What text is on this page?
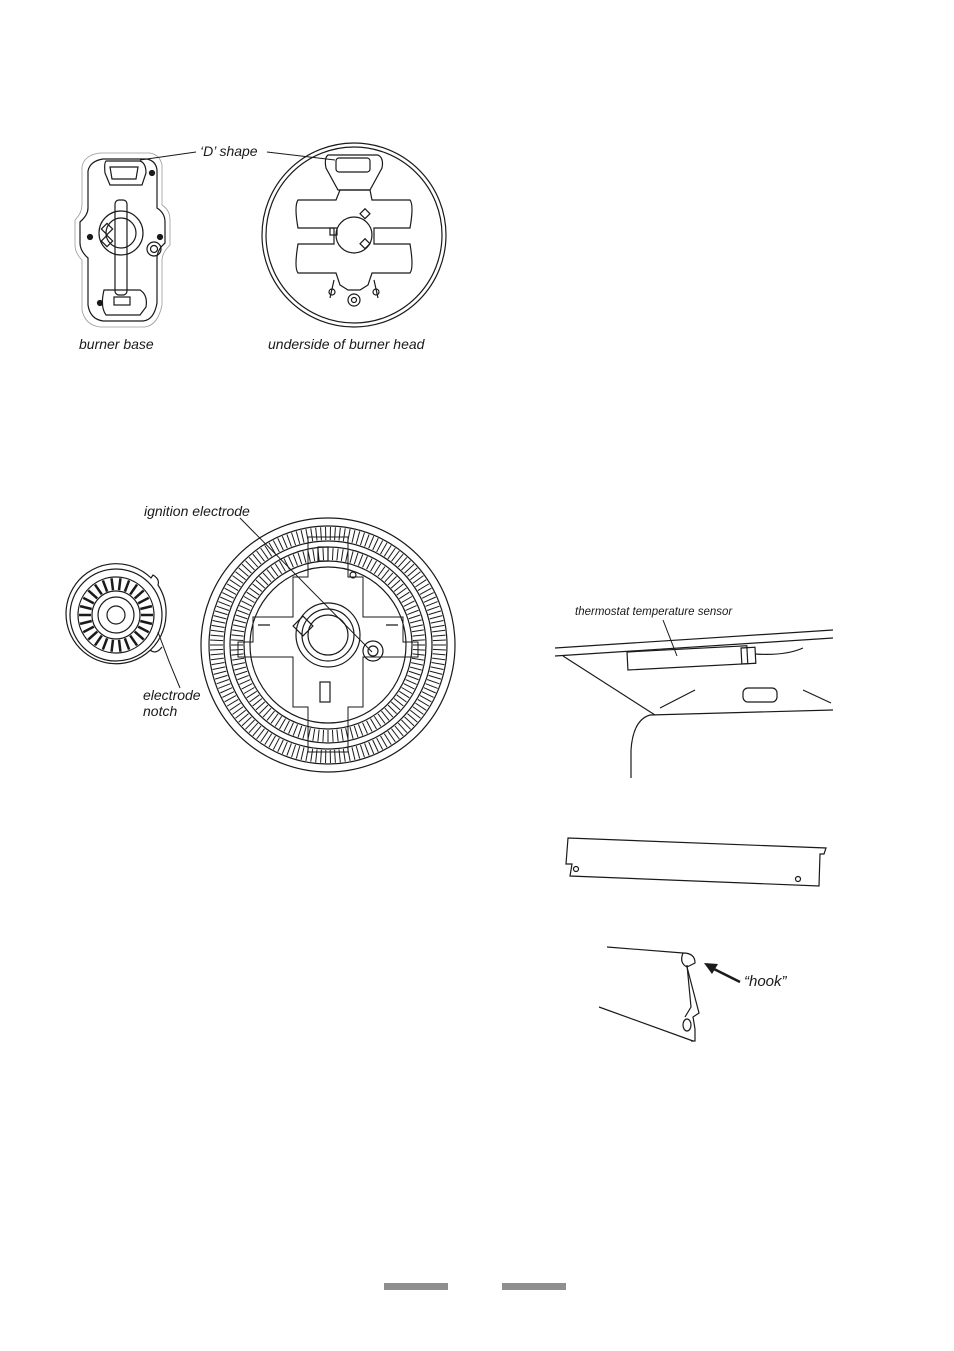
burner base	underside of burner head
‘D’ shape
electrode
notch
ignition electrode
thermostat temperature sensor
“hook”
